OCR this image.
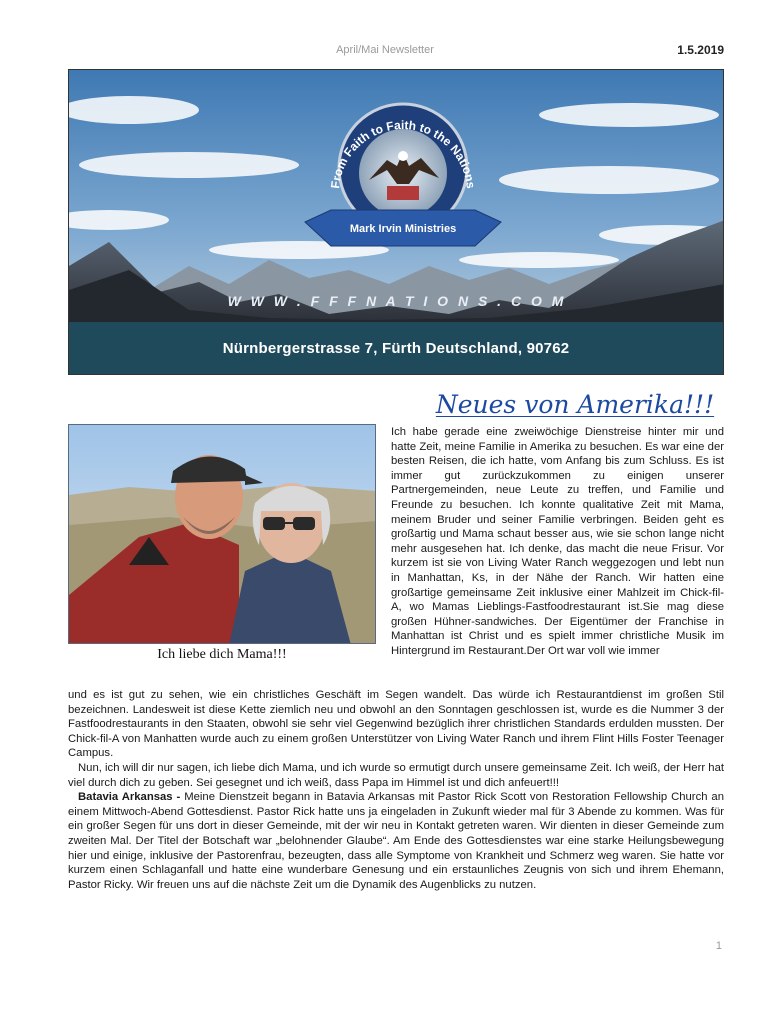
April/Mai Newsletter	1.5.2019
W W W . F F F N A T I O N S . C O M
From Faith to Faith to the Nations
Mark Irvin Ministries
Nürnbergerstrasse 7, Fürth Deutschland, 90762
Neues von Amerika!!!
Ich liebe dich Mama!!!
Ich habe gerade eine zweiwöchige Dienstreise hinter mir und hatte Zeit, meine Familie in Amerika zu besuchen. Es war eine der besten Reisen, die ich hatte, vom Anfang bis zum Schluss. Es ist immer gut zurückzukommen zu einigen unserer Partnergemeinden, neue Leute zu treffen, und Familie und Freunde zu besuchen. Ich konnte qualitative Zeit mit Mama, meinem Bruder und seiner Familie verbringen. Beiden geht es großartig und Mama schaut besser aus, wie sie schon lange nicht mehr ausgesehen hat. Ich denke, das macht die neue Frisur. Vor kurzem ist sie von Living Water Ranch weggezogen und lebt nun in Manhattan, Ks, in der Nähe der Ranch. Wir hatten eine großartige gemeinsame Zeit inklusive einer Mahlzeit im Chick-fil-A, wo Mamas Lieblings-Fastfoodrestaurant ist.Sie mag diese großen Hühner-sandwiches. Der Eigentümer der Franchise in Manhattan ist Christ und es spielt immer christliche Musik im Hintergrund im Restaurant.Der Ort war voll wie immer
und es ist gut zu sehen, wie ein christliches Geschäft im Segen wandelt. Das würde ich Restaurantdienst im großen Stil bezeichnen. Landesweit ist diese Kette ziemlich neu und obwohl an den Sonntagen geschlossen ist, wurde es die Nummer 3 der Fastfoodrestaurants in den Staaten, obwohl sie sehr viel Gegenwind bezüglich ihrer christlichen Standards erdulden mussten. Der Chick-fil-A von Manhatten wurde auch zu einem großen Unterstützer von Living Water Ranch und ihrem Flint Hills Foster Teenager Campus.

Nun, ich will dir nur sagen, ich liebe dich Mama, und ich wurde so ermutigt durch unsere gemeinsame Zeit. Ich weiß, der Herr hat viel durch dich zu geben. Sei gesegnet und ich weiß, dass Papa im Himmel ist und dich anfeuert!!!

Batavia Arkansas - Meine Dienstzeit begann in Batavia Arkansas mit Pastor Rick Scott von Restoration Fellowship Church an einem Mittwoch-Abend Gottesdienst. Pastor Rick hatte uns ja eingeladen in Zukunft wieder mal für 3 Abende zu kommen. Was für ein großer Segen für uns dort in dieser Gemeinde, mit der wir neu in Kontakt getreten waren. Wir dienten in dieser Gemeinde zum zweiten Mal. Der Titel der Botschaft war „belohnender Glaube“. Am Ende des Gottesdienstes war eine starke Heilungsbewegung hier und einige, inklusive der Pastorenfrau, bezeugten, dass alle Symptome von Krankheit und Schmerz weg waren. Sie hatte vor kurzem einen Schlaganfall und hatte eine wunderbare Genesung und ein erstaunliches Zeugnis von sich und ihrem Ehemann, Pastor Ricky. Wir freuen uns auf die nächste Zeit um die Dynamik des Augenblicks zu nutzen.

1
